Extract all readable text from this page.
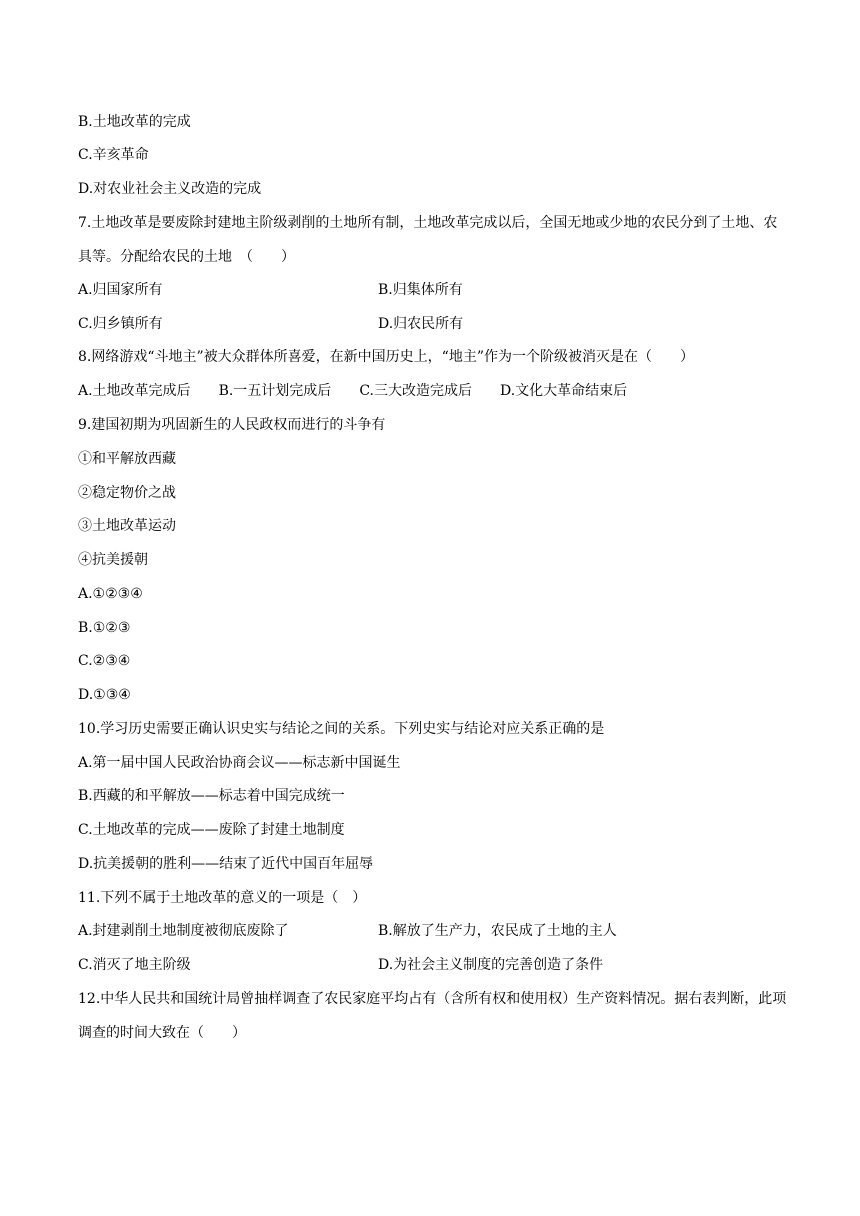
B.土地改革的完成
C.辛亥革命
D.对农业社会主义改造的完成
7.土地改革是要废除封建地主阶级剥削的土地所有制，土地改革完成以后，全国无地或少地的农民分到了土地、农具等。分配给农民的土地　（　　）
A.归国家所有	B.归集体所有
C.归乡镇所有	D.归农民所有
8.网络游戏“斗地主”被大众群体所喜爱，在新中国历史上，“地主”作为一个阶级被消灭是在（　　）
A.土地改革完成后 B.一五计划完成后 C.三大改造完成后 D.文化大革命结束后
9.建国初期为巩固新生的人民政权而进行的斗争有
①和平解放西藏
②稳定物价之战
③土地改革运动
④抗美援朝
A.①②③④
B.①②③
C.②③④
D.①③④
10.学习历史需要正确认识史实与结论之间的关系。下列史实与结论对应关系正确的是
A.第一届中国人民政治协商会议——标志新中国诞生
B.西藏的和平解放——标志着中国完成统一
C.土地改革的完成——废除了封建土地制度
D.抗美援朝的胜利——结束了近代中国百年屈辱
11.下列不属于土地改革的意义的一项是（　）
A.封建剥削土地制度被彻底废除了	B.解放了生产力，农民成了土地的主人
C.消灭了地主阶级	D.为社会主义制度的完善创造了条件
12.中华人民共和国统计局曾抽样调查了农民家庭平均占有（含所有权和使用权）生产资料情况。据右表判断，此项调查的时间大致在（　　）
